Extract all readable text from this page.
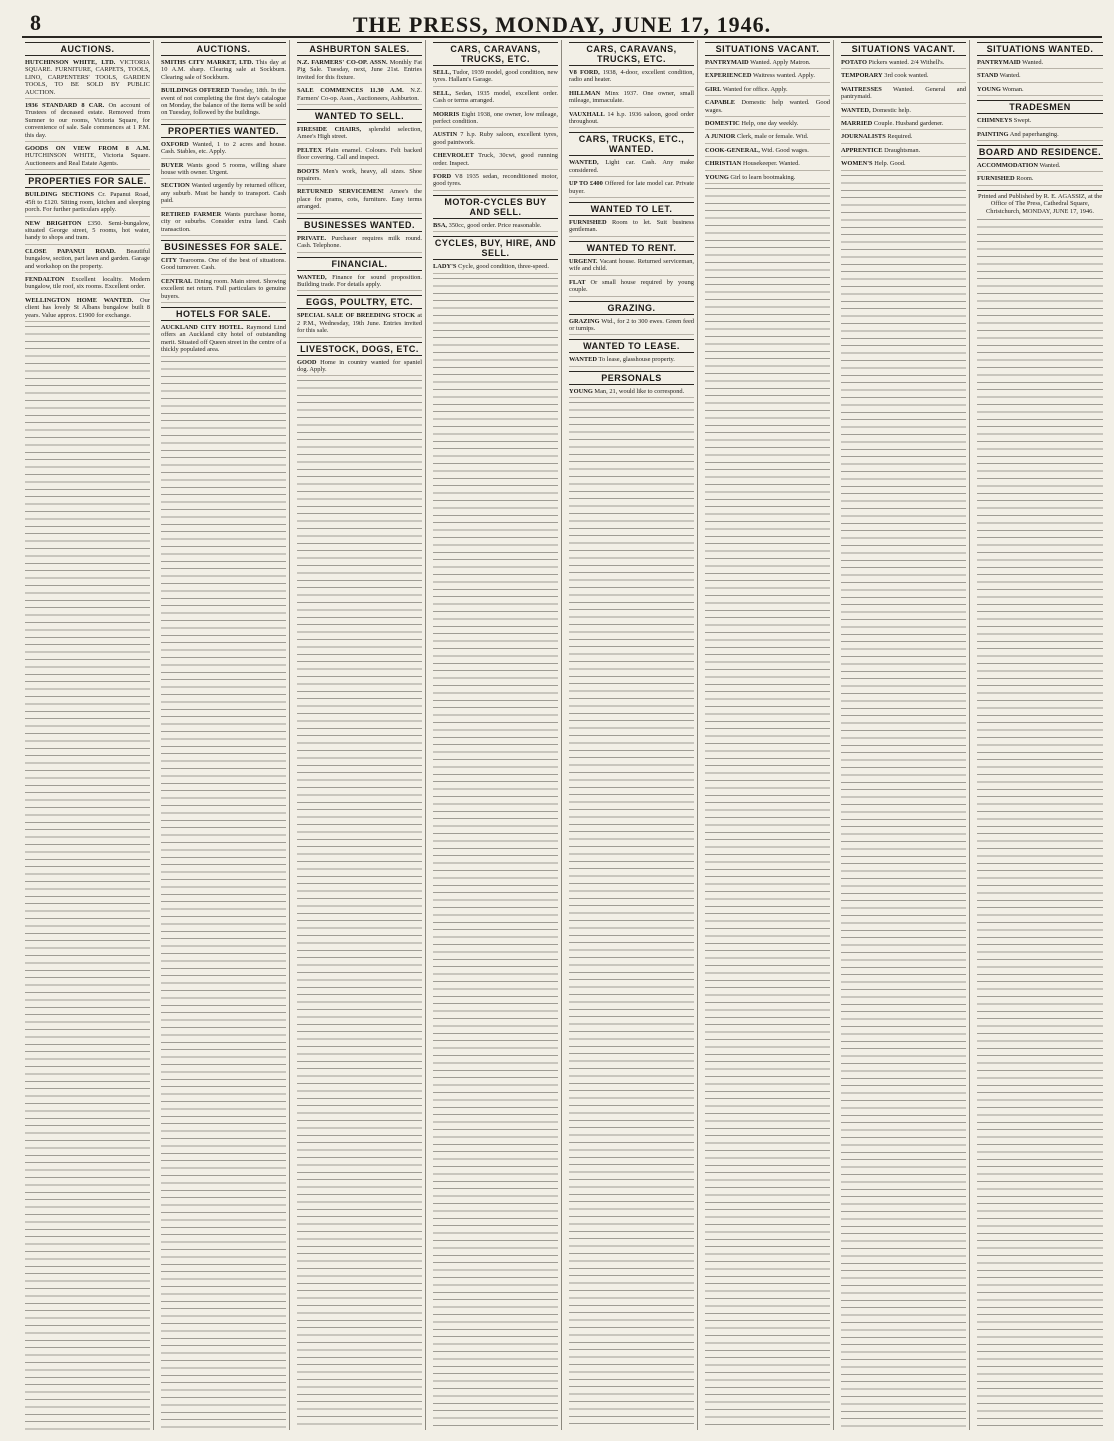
8	THE PRESS, MONDAY, JUNE 17, 1946.
AUCTIONS.

HUTCHINSON WHITE, LTD. VICTORIA SQUARE. FURNITURE, CARPETS, TOOLS, LINO, CARPENTERS' TOOLS, GARDEN TOOLS, TO BE SOLD BY PUBLIC AUCTION.

1936 STANDARD 8 CAR. On account of Trustees of deceased estate. Removed from Sumner to our rooms, Victoria Square, for convenience of sale. Sale commences at 1 P.M. this day.

GOODS ON VIEW FROM 8 A.M. HUTCHINSON WHITE, Victoria Square. Auctioneers and Real Estate Agents.

PROPERTIES FOR SALE.

BUILDING SECTIONS Cr. Papanui Road, 45ft to £120. Sitting room, kitchen and sleeping porch. For further particulars apply.

NEW BRIGHTON £350. Semi-bungalow, situated George street, 5 rooms, hot water, handy to shops and tram.

CLOSE PAPANUI ROAD. Beautiful bungalow, section, part lawn and garden. Garage and workshop on the property.

FENDALTON Excellent locality. Modern bungalow, tile roof, six rooms. Excellent order.

WELLINGTON HOME WANTED. Our client has lovely St Albans bungalow built 8 years. Value approx. £1900 for exchange.

AUCTIONS.

SMITHS CITY MARKET, LTD. This day at 10 A.M. sharp. Clearing sale at Sockburn. Clearing sale of Sockburn.

BUILDINGS OFFERED Tuesday, 18th. In the event of not completing the first day's catalogue on Monday, the balance of the items will be sold on Tuesday, followed by the buildings.

PROPERTIES WANTED.

OXFORD Wanted, 1 to 2 acres and house. Cash. Stables, etc. Apply.

BUYER Wants good 5 rooms, willing share house with owner. Urgent.

SECTION Wanted urgently by returned officer, any suburb. Must be handy to transport. Cash paid.

RETIRED FARMER Wants purchase home, city or suburbs. Consider extra land. Cash transaction.

BUSINESSES FOR SALE.

CITY Tearooms. One of the best of situations. Good turnover. Cash.

CENTRAL Dining room. Main street. Showing excellent net return. Full particulars to genuine buyers.

HOTELS FOR SALE.

AUCKLAND CITY HOTEL. Raymond Lind offers an Auckland city hotel of outstanding merit. Situated off Queen street in the centre of a thickly populated area.

ASHBURTON SALES.

N.Z. FARMERS' CO-OP. ASSN. Monthly Fat Pig Sale. Tuesday, next, June 21st. Entries invited for this fixture.

SALE COMMENCES 11.30 A.M. N.Z. Farmers' Co-op. Assn., Auctioneers, Ashburton.

WANTED TO SELL.

FIRESIDE CHAIRS, splendid selection, Amee's High street.

PELTEX Plain enamel. Colours. Felt backed floor covering. Call and inspect.

BOOTS Men's work, heavy, all sizes. Shoe repairers.

RETURNED SERVICEMEN! Amee's the place for prams, cots, furniture. Easy terms arranged.

BUSINESSES WANTED.

PRIVATE. Purchaser requires milk round. Cash. Telephone.

FINANCIAL.

WANTED, Finance for sound proposition. Building trade. For details apply.

EGGS, POULTRY, ETC.

SPECIAL SALE OF BREEDING STOCK at 2 P.M., Wednesday, 19th June. Entries invited for this sale.

LIVESTOCK, DOGS, ETC.

GOOD Home in country wanted for spaniel dog. Apply.

CARS, CARAVANS, TRUCKS, ETC.

SELL, Tudor, 1939 model, good condition, new tyres. Hallam's Garage.

SELL, Sedan, 1935 model, excellent order. Cash or terms arranged.

MORRIS Eight 1938, one owner, low mileage, perfect condition.

AUSTIN 7 h.p. Ruby saloon, excellent tyres, good paintwork.

CHEVROLET Truck, 30cwt, good running order. Inspect.

FORD V8 1935 sedan, reconditioned motor, good tyres.

MOTOR-CYCLES BUY AND SELL.

BSA, 350cc, good order. Price reasonable.

CYCLES, BUY, HIRE, AND SELL.

LADY'S Cycle, good condition, three-speed.

CARS, CARAVANS, TRUCKS, ETC.

V8 FORD, 1938, 4-door, excellent condition, radio and heater.

HILLMAN Minx 1937. One owner, small mileage, immaculate.

VAUXHALL 14 h.p. 1936 saloon, good order throughout.

CARS, TRUCKS, ETC., WANTED.

WANTED, Light car. Cash. Any make considered.

UP TO £400 Offered for late model car. Private buyer.

WANTED TO LET.

FURNISHED Room to let. Suit business gentleman.

WANTED TO RENT.

URGENT. Vacant house. Returned serviceman, wife and child.

FLAT Or small house required by young couple.

GRAZING.

GRAZING Wtd., for 2 to 300 ewes. Green feed or turnips.

WANTED TO LEASE.

WANTED To lease, glasshouse property.

PERSONALS

YOUNG Man, 21, would like to correspond.

SITUATIONS VACANT.

PANTRYMAID Wanted. Apply Matron.

EXPERIENCED Waitress wanted. Apply.

GIRL Wanted for office. Apply.

CAPABLE Domestic help wanted. Good wages.

DOMESTIC Help, one day weekly.

A JUNIOR Clerk, male or female. Wtd.

COOK-GENERAL, Wtd. Good wages.

CHRISTIAN Housekeeper. Wanted.

YOUNG Girl to learn bootmaking.

SITUATIONS VACANT.

POTATO Pickers wanted. 2/4 Withell's.

TEMPORARY 3rd cook wanted.

WAITRESSES Wanted. General and pantrymaid.

WANTED, Domestic help.

MARRIED Couple. Husband gardener.

JOURNALISTS Required.

APPRENTICE Draughtsman.

WOMEN'S Help. Good.

SITUATIONS WANTED.

PANTRYMAID Wanted.

STAND Wanted.

YOUNG Woman.

TRADESMEN

CHIMNEYS Swept.

PAINTING And paperhanging.

BOARD AND RESIDENCE.

ACCOMMODATION Wanted.

FURNISHED Room.

Printed and Published by R. E. AGASSIZ, at the Office of The Press, Cathedral Square, Christchurch, MONDAY, JUNE 17, 1946.
